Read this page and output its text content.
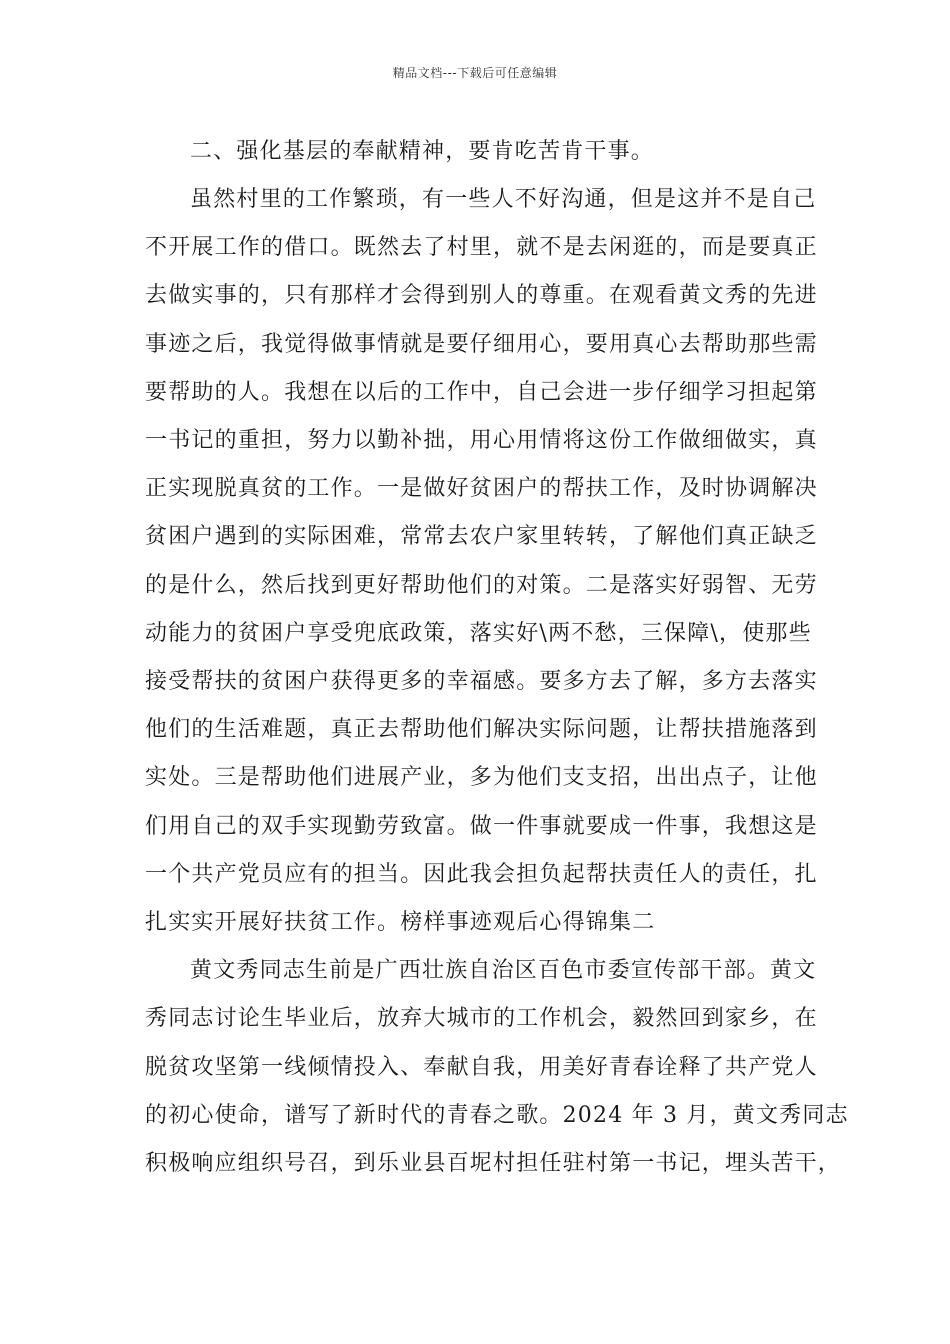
精品文档---下载后可任意编辑
二、强化基层的奉献精神，要肯吃苦肯干事。
虽然村里的工作繁琐，有一些人不好沟通，但是这并不是自己
不开展工作的借口。既然去了村里，就不是去闲逛的，而是要真正
去做实事的，只有那样才会得到别人的尊重。在观看黄文秀的先进
事迹之后，我觉得做事情就是要仔细用心，要用真心去帮助那些需
要帮助的人。我想在以后的工作中，自己会进一步仔细学习担起第
一书记的重担，努力以勤补拙，用心用情将这份工作做细做实，真
正实现脱真贫的工作。一是做好贫困户的帮扶工作，及时协调解决
贫困户遇到的实际困难，常常去农户家里转转，了解他们真正缺乏
的是什么，然后找到更好帮助他们的对策。二是落实好弱智、无劳
动能力的贫困户享受兜底政策，落实好\两不愁，三保障\，使那些
接受帮扶的贫困户获得更多的幸福感。要多方去了解，多方去落实
他们的生活难题，真正去帮助他们解决实际问题，让帮扶措施落到
实处。三是帮助他们进展产业，多为他们支支招，出出点子，让他
们用自己的双手实现勤劳致富。做一件事就要成一件事，我想这是
一个共产党员应有的担当。因此我会担负起帮扶责任人的责任，扎
扎实实开展好扶贫工作。榜样事迹观后心得锦集二
黄文秀同志生前是广西壮族自治区百色市委宣传部干部。黄文
秀同志讨论生毕业后，放弃大城市的工作机会，毅然回到家乡，在
脱贫攻坚第一线倾情投入、奉献自我，用美好青春诠释了共产党人
的初心使命，谱写了新时代的青春之歌。2024 年 3 月，黄文秀同志
积极响应组织号召，到乐业县百坭村担任驻村第一书记，埋头苦干，
